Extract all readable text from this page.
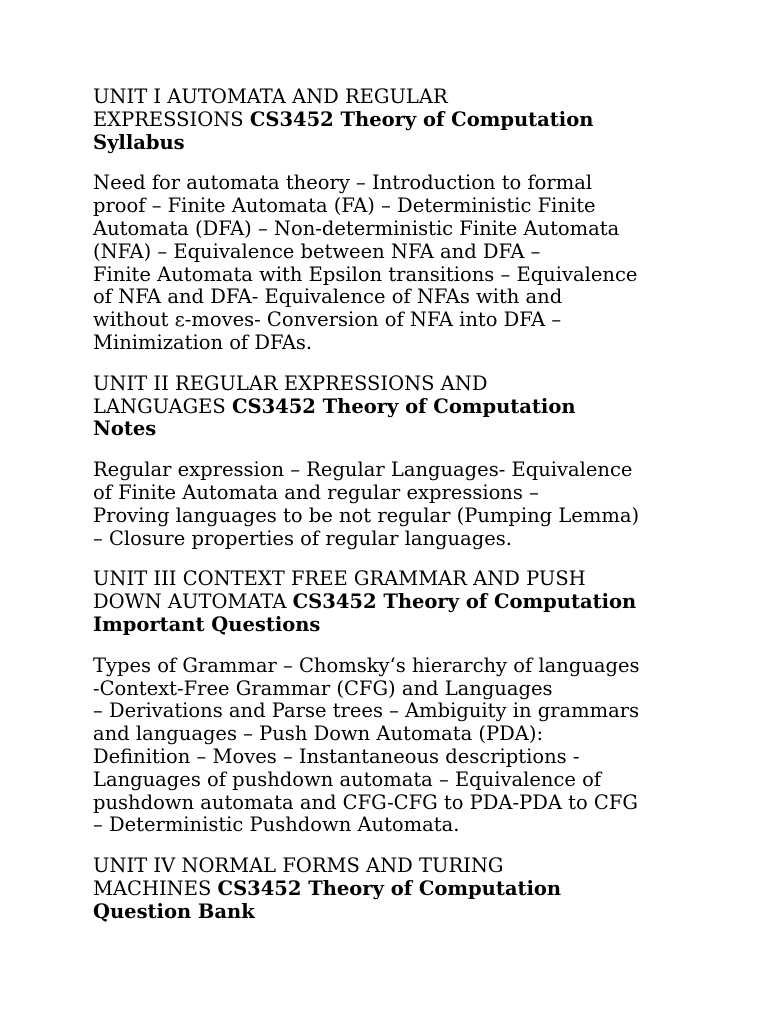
UNIT I AUTOMATA AND REGULAR
EXPRESSIONS CS3452 Theory of Computation
Syllabus
Need for automata theory – Introduction to formal
proof – Finite Automata (FA) – Deterministic Finite
Automata (DFA) – Non-deterministic Finite Automata
(NFA) – Equivalence between NFA and DFA –
Finite Automata with Epsilon transitions – Equivalence
of NFA and DFA- Equivalence of NFAs with and
without ε-moves- Conversion of NFA into DFA –
Minimization of DFAs.
UNIT II REGULAR EXPRESSIONS AND
LANGUAGES CS3452 Theory of Computation
Notes
Regular expression – Regular Languages- Equivalence
of Finite Automata and regular expressions –
Proving languages to be not regular (Pumping Lemma)
– Closure properties of regular languages.
UNIT III CONTEXT FREE GRAMMAR AND PUSH
DOWN AUTOMATA CS3452 Theory of Computation
Important Questions
Types of Grammar – Chomsky‘s hierarchy of languages
-Context-Free Grammar (CFG) and Languages
– Derivations and Parse trees – Ambiguity in grammars
and languages – Push Down Automata (PDA):
Definition – Moves – Instantaneous descriptions -
Languages of pushdown automata – Equivalence of
pushdown automata and CFG-CFG to PDA-PDA to CFG
– Deterministic Pushdown Automata.
UNIT IV NORMAL FORMS AND TURING
MACHINES CS3452 Theory of Computation
Question Bank
